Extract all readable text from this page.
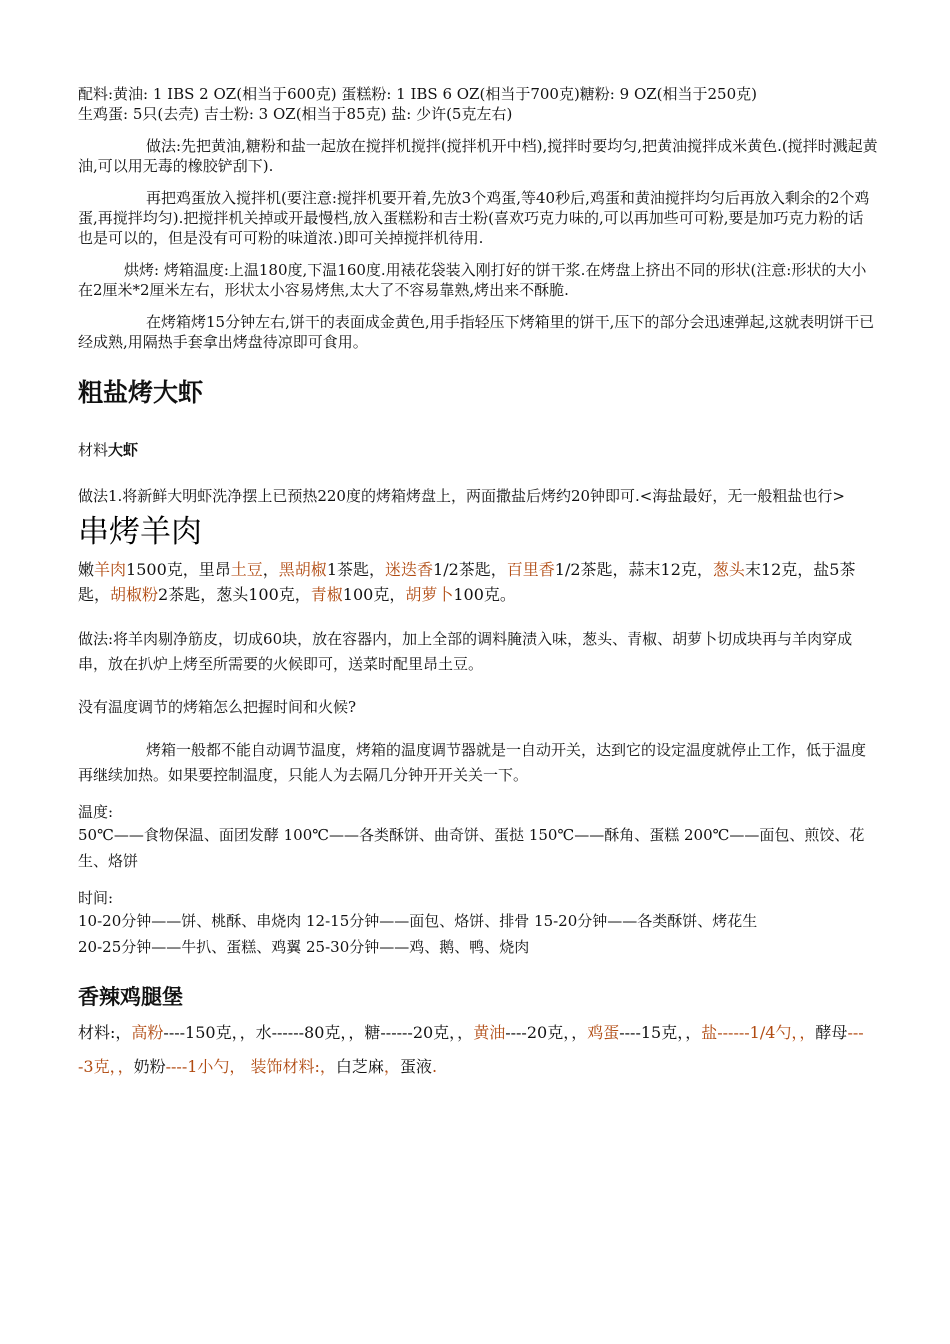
配料:黄油: 1 IBS 2 OZ(相当于600克) 蛋糕粉: 1 IBS 6 OZ(相当于700克)糖粉: 9 OZ(相当于250克)

生鸡蛋: 5只(去壳) 吉士粉: 3 OZ(相当于85克) 盐: 少许(5克左右)

做法:先把黄油,糖粉和盐一起放在搅拌机搅拌(搅拌机开中档),搅拌时要均匀,把黄油搅拌成米黄色.(搅拌时溅起黄油,可以用无毒的橡胶铲刮下).

再把鸡蛋放入搅拌机(要注意:搅拌机要开着,先放3个鸡蛋,等40秒后,鸡蛋和黄油搅拌均匀后再放入剩余的2个鸡蛋,再搅拌均匀).把搅拌机关掉或开最慢档,放入蛋糕粉和吉士粉(喜欢巧克力味的,可以再加些可可粉,要是加巧克力粉的话也是可以的，但是没有可可粉的味道浓.)即可关掉搅拌机待用.

烘烤: 烤箱温度:上温180度,下温160度.用裱花袋装入刚打好的饼干浆.在烤盘上挤出不同的形状(注意:形状的大小在2厘米*2厘米左右，形状太小容易烤焦,太大了不容易靠熟,烤出来不酥脆.

在烤箱烤15分钟左右,饼干的表面成金黄色,用手指轻压下烤箱里的饼干,压下的部分会迅速弹起,这就表明饼干已经成熟,用隔热手套拿出烤盘待凉即可食用。

粗盐烤大虾

材料大虾

做法1.将新鲜大明虾洗净摆上已预热220度的烤箱烤盘上，两面撒盐后烤约20钟即可.<海盐最好，无一般粗盐也行>

串烤羊肉

嫩羊肉1500克，里昂土豆，黑胡椒1茶匙，迷迭香1/2茶匙，百里香1/2茶匙，蒜末12克，葱头末12克，盐5茶匙，胡椒粉2茶匙，葱头100克，青椒100克，胡萝卜100克。

做法:将羊肉剔净筋皮，切成60块，放在容器内，加上全部的调料腌渍入味，葱头、青椒、胡萝卜切成块再与羊肉穿成串，放在扒炉上烤至所需要的火候即可，送菜时配里昂土豆。

没有温度调节的烤箱怎么把握时间和火候?

烤箱一般都不能自动调节温度，烤箱的温度调节器就是一自动开关，达到它的设定温度就停止工作，低于温度再继续加热。如果要控制温度，只能人为去隔几分钟开开关关一下。

温度:

50℃——食物保温、面团发酵 100℃——各类酥饼、曲奇饼、蛋挞 150℃——酥角、蛋糕 200℃——面包、煎饺、花生、烙饼

时间:

10-20分钟——饼、桃酥、串烧肉 12-15分钟——面包、烙饼、排骨 15-20分钟——各类酥饼、烤花生

20-25分钟——牛扒、蛋糕、鸡翼 25-30分钟——鸡、鹅、鸭、烧肉

香辣鸡腿堡

材料:，高粉----150克，，水------80克，，糖------20克，，黄油----20克，，鸡蛋----15克，，盐------1/4勺，，酵母----3克，，奶粉----1小勺， 装饰材料:，白芝麻，蛋液.
